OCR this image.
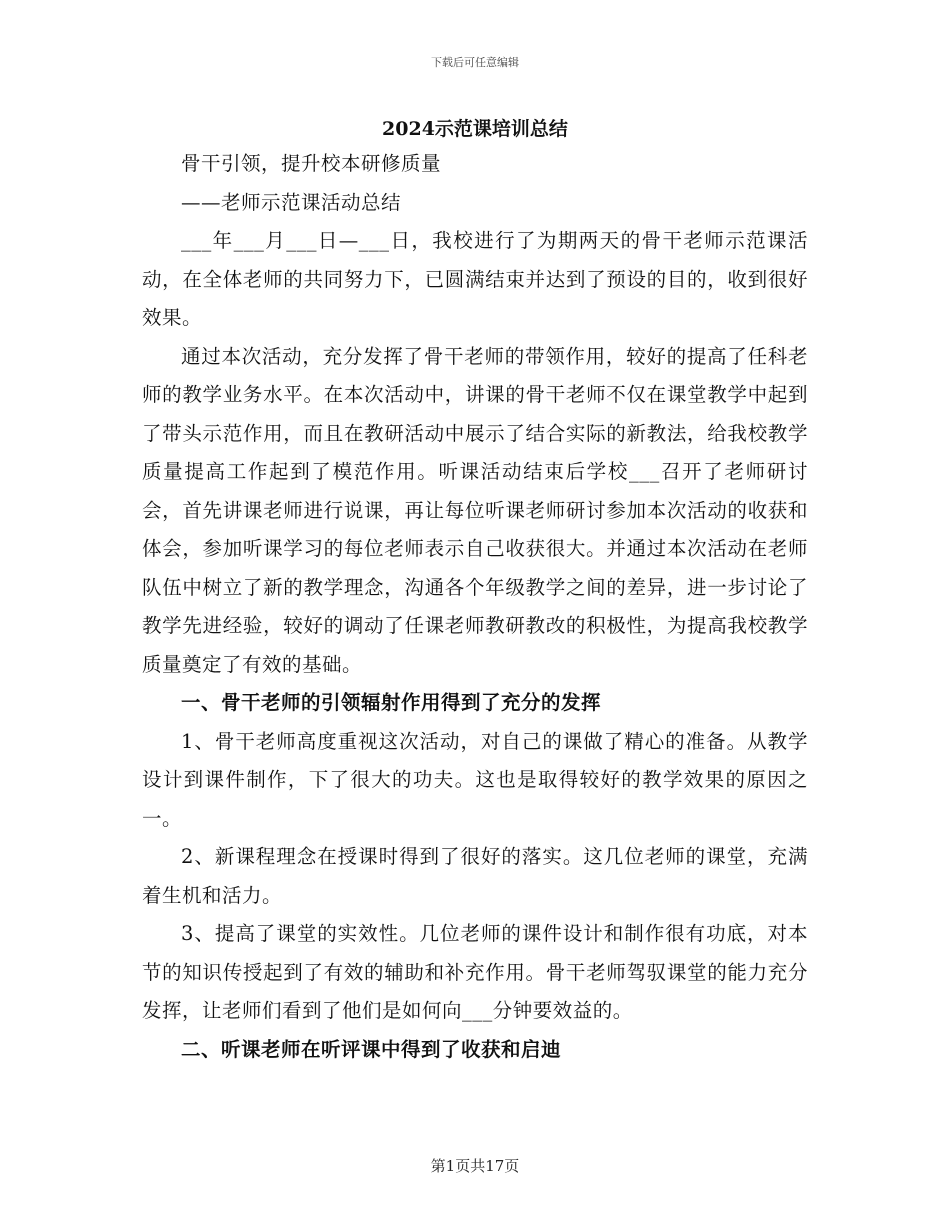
下载后可任意编辑
2024示范课培训总结

骨干引领，提升校本研修质量

——老师示范课活动总结

___年___月___日—___日，我校进行了为期两天的骨干老师示范课活动，在全体老师的共同努力下，已圆满结束并达到了预设的目的，收到很好效果。

通过本次活动，充分发挥了骨干老师的带领作用，较好的提高了任科老师的教学业务水平。在本次活动中，讲课的骨干老师不仅在课堂教学中起到了带头示范作用，而且在教研活动中展示了结合实际的新教法，给我校教学质量提高工作起到了模范作用。听课活动结束后学校___召开了老师研讨会，首先讲课老师进行说课，再让每位听课老师研讨参加本次活动的收获和体会，参加听课学习的每位老师表示自己收获很大。并通过本次活动在老师队伍中树立了新的教学理念，沟通各个年级教学之间的差异，进一步讨论了教学先进经验，较好的调动了任课老师教研教改的积极性，为提高我校教学质量奠定了有效的基础。

一、骨干老师的引领辐射作用得到了充分的发挥

1、骨干老师高度重视这次活动，对自己的课做了精心的准备。从教学设计到课件制作，下了很大的功夫。这也是取得较好的教学效果的原因之一。

2、新课程理念在授课时得到了很好的落实。这几位老师的课堂，充满着生机和活力。

3、提高了课堂的实效性。几位老师的课件设计和制作很有功底，对本节的知识传授起到了有效的辅助和补充作用。骨干老师驾驭课堂的能力充分发挥，让老师们看到了他们是如何向___分钟要效益的。

二、听课老师在听评课中得到了收获和启迪

第1页共17页
